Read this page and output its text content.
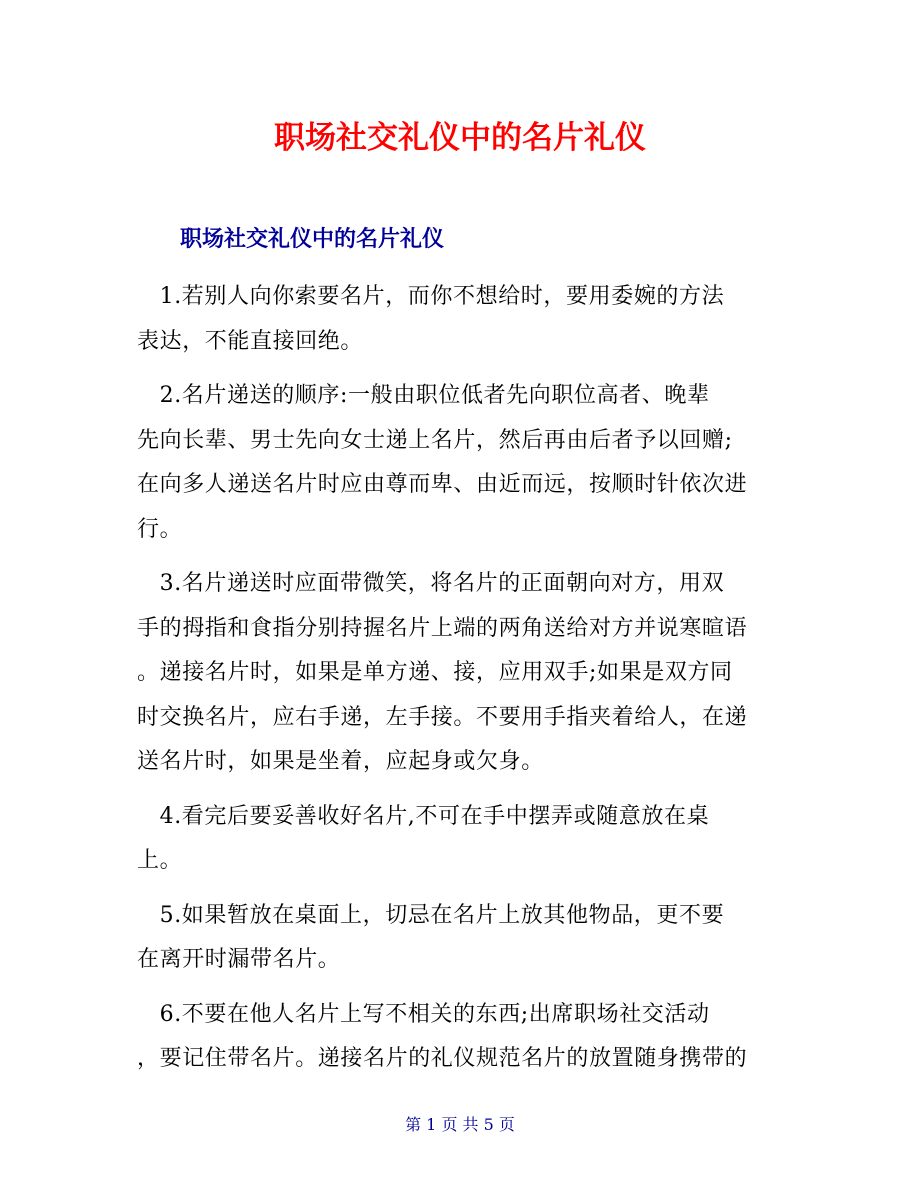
职场社交礼仪中的名片礼仪
职场社交礼仪中的名片礼仪
　1.若别人向你索要名片，而你不想给时，要用委婉的方法
表达，不能直接回绝。
　2.名片递送的顺序:一般由职位低者先向职位高者、晚辈
先向长辈、男士先向女士递上名片，然后再由后者予以回赠;
在向多人递送名片时应由尊而卑、由近而远，按顺时针依次进
行。
　3.名片递送时应面带微笑，将名片的正面朝向对方，用双
手的拇指和食指分别持握名片上端的两角送给对方并说寒暄语
。递接名片时，如果是单方递、接，应用双手;如果是双方同
时交换名片，应右手递，左手接。不要用手指夹着给人，在递
送名片时，如果是坐着，应起身或欠身。
　4.看完后要妥善收好名片,不可在手中摆弄或随意放在桌
上。
　5.如果暂放在桌面上，切忌在名片上放其他物品，更不要
在离开时漏带名片。
　6.不要在他人名片上写不相关的东西;出席职场社交活动
，要记住带名片。递接名片的礼仪规范名片的放置随身携带的
第 1 页 共 5 页
